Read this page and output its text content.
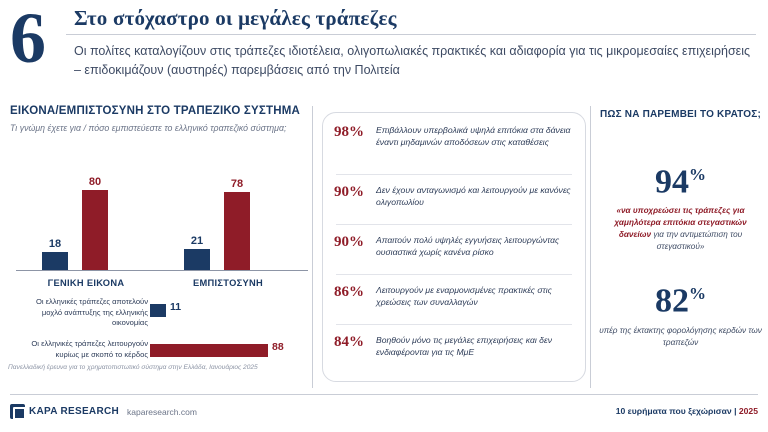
6 Στο στόχαστρο οι μεγάλες τράπεζες
Οι πολίτες καταλογίζουν στις τράπεζες ιδιοτέλεια, ολιγοπωλιακές πρακτικές και αδιαφορία για τις μικρομεσαίες επιχειρήσεις – επιδοκιμάζουν (αυστηρές) παρεμβάσεις από την Πολιτεία
ΕΙΚΟΝΑ/ΕΜΠΙΣΤΟΣΥΝΗ ΣΤΟ ΤΡΑΠΕΖΙΚΟ ΣΥΣΤΗΜΑ
Τι γνώμη έχετε για / πόσο εμπιστεύεστε το ελληνικό τραπεζικό σύστημα;
18
80
ΓΕΝΙΚΗ ΕΙΚΟΝΑ
21
78
ΕΜΠΙΣΤΟΣΥΝΗ
Οι ελληνικές τράπεζες αποτελούν μοχλό ανάπτυξης της ελληνικής οικονομίας
11
Οι ελληνικές τράπεζες λειτουργούν κυρίως με σκοπό το κέρδος
88
Πανελλαδική έρευνα για το χρηματοπιστωτικό σύστημα στην Ελλάδα, Ιανουάριος 2025
98%	Επιβάλλουν υπερβολικά υψηλά επιτόκια στα δάνεια έναντι μηδαμινών αποδόσεων στις καταθέσεις
90%	Δεν έχουν ανταγωνισμό και λειτουργούν με κανόνες ολιγοπωλίου
90%	Απαιτούν πολύ υψηλές εγγυήσεις λειτουργώντας ουσιαστικά χωρίς κανένα ρίσκο
86%	Λειτουργούν με εναρμονισμένες πρακτικές στις χρεώσεις των συναλλαγών
84%	Βοηθούν μόνο τις μεγάλες επιχειρήσεις και δεν ενδιαφέρονται για τις ΜμΕ
ΠΩΣ ΝΑ ΠΑΡΕΜΒΕΙ ΤΟ ΚΡΑΤΟΣ;
94%
«να υποχρεώσει τις τράπεζες για χαμηλότερα επιτόκια στεγαστικών δανείων για την αντιμετώπιση του στεγαστικού»
82%
υπέρ της έκτακτης φορολόγησης κερδών των τραπεζών
KAPA RESEARCH kaparesearch.com	10 ευρήματα που ξεχώρισαν | 2025
